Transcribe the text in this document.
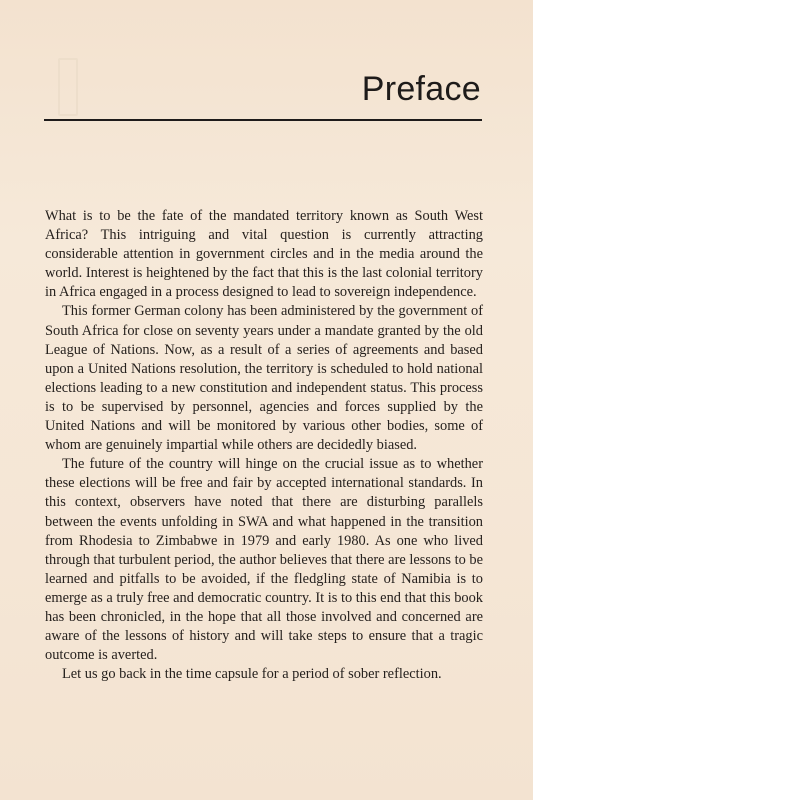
Preface

What is to be the fate of the mandated territory known as South West Africa? This intriguing and vital question is currently attracting considerable attention in government circles and in the media around the world. Interest is heightened by the fact that this is the last colonial territory in Africa engaged in a process designed to lead to sovereign independence.

This former German colony has been administered by the government of South Africa for close on seventy years under a mandate granted by the old League of Nations. Now, as a result of a series of agreements and based upon a United Nations resolution, the territory is scheduled to hold national elections leading to a new constitution and independent status. This process is to be supervised by personnel, agencies and forces supplied by the United Nations and will be monitored by various other bodies, some of whom are genuinely impartial while others are decidedly biased.

The future of the country will hinge on the crucial issue as to whether these elections will be free and fair by accepted international standards. In this context, observers have noted that there are disturbing parallels between the events unfolding in SWA and what happened in the transition from Rhodesia to Zimbabwe in 1979 and early 1980. As one who lived through that turbulent period, the author believes that there are lessons to be learned and pitfalls to be avoided, if the fledgling state of Namibia is to emerge as a truly free and democratic country. It is to this end that this book has been chronicled, in the hope that all those involved and concerned are aware of the lessons of history and will take steps to ensure that a tragic outcome is averted.

Let us go back in the time capsule for a period of sober reflection.
